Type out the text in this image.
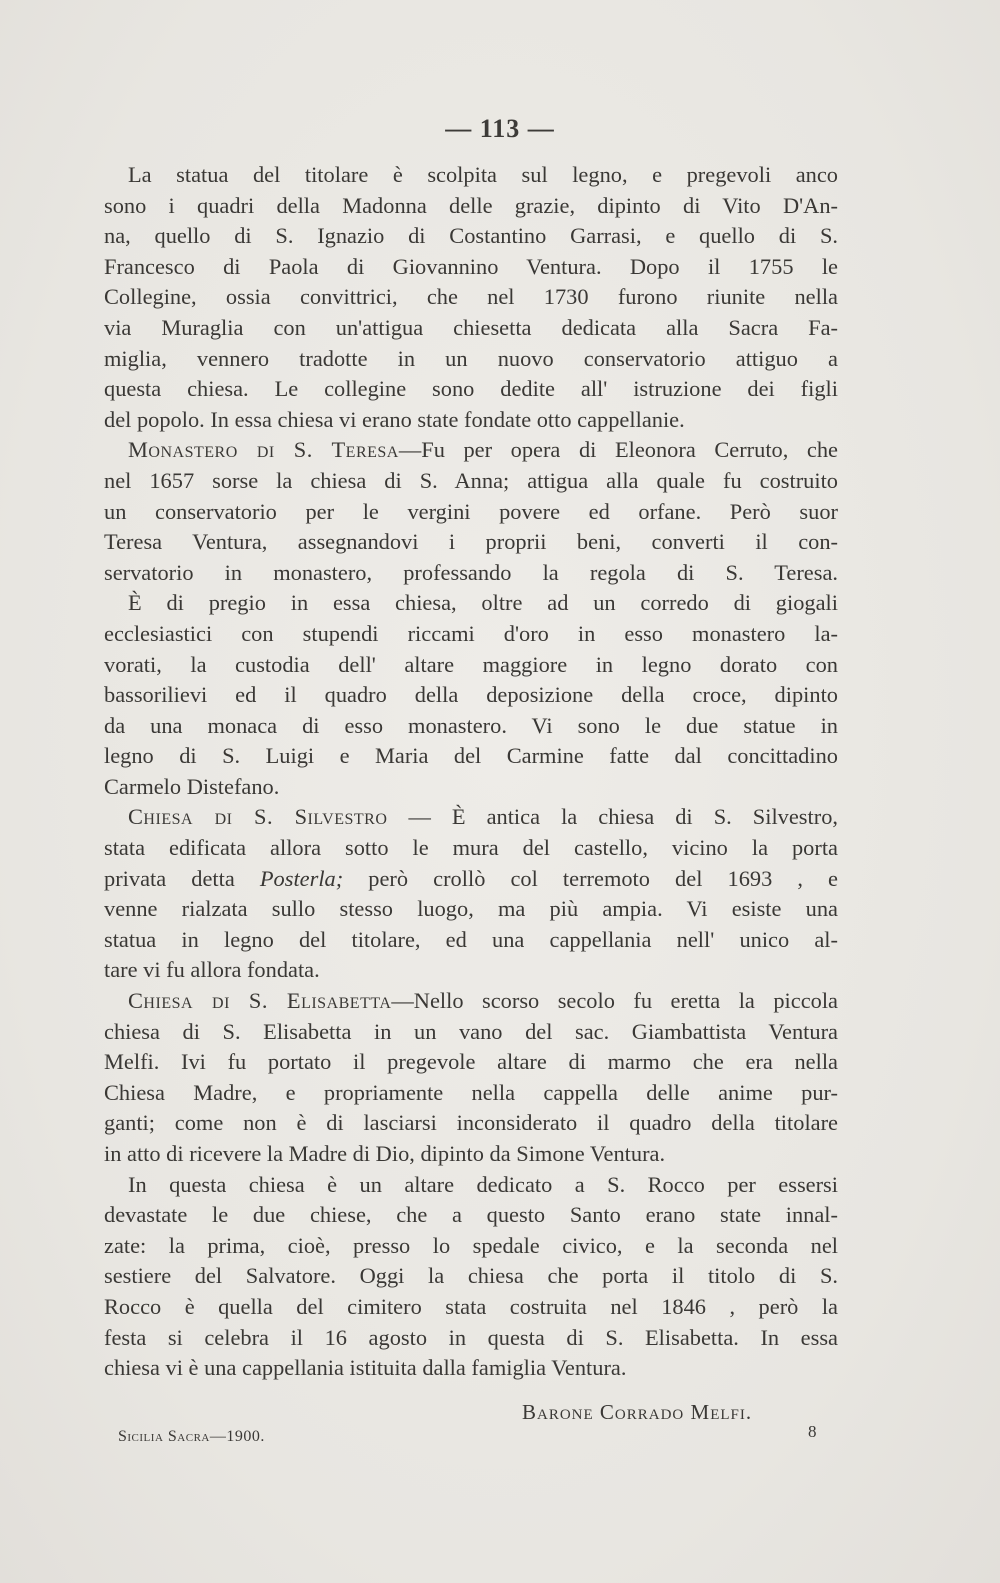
— 113 —
La statua del titolare è scolpita sul legno, e pregevoli anco
sono i quadri della Madonna delle grazie, dipinto di Vito D'An-
na, quello di S. Ignazio di Costantino Garrasi, e quello di S.
Francesco di Paola di Giovannino Ventura. Dopo il 1755 le
Collegine, ossia convittrici, che nel 1730 furono riunite nella
via Muraglia con un'attigua chiesetta dedicata alla Sacra Fa-
miglia, vennero tradotte in un nuovo conservatorio attiguo a
questa chiesa. Le collegine sono dedite all' istruzione dei figli
del popolo. In essa chiesa vi erano state fondate otto cappellanie.
Monastero di S. Teresa—Fu per opera di Eleonora Cerruto, che
nel 1657 sorse la chiesa di S. Anna; attigua alla quale fu costruito
un conservatorio per le vergini povere ed orfane. Però suor
Teresa Ventura, assegnandovi i proprii beni, converti il con-
servatorio in monastero, professando la regola di S. Teresa.
È di pregio in essa chiesa, oltre ad un corredo di giogali
ecclesiastici con stupendi riccami d'oro in esso monastero la-
vorati, la custodia dell' altare maggiore in legno dorato con
bassorilievi ed il quadro della deposizione della croce, dipinto
da una monaca di esso monastero. Vi sono le due statue in
legno di S. Luigi e Maria del Carmine fatte dal concittadino
Carmelo Distefano.
Chiesa di S. Silvestro — È antica la chiesa di S. Silvestro,
stata edificata allora sotto le mura del castello, vicino la porta
privata detta Posterla; però crollò col terremoto del 1693 , e
venne rialzata sullo stesso luogo, ma più ampia. Vi esiste una
statua in legno del titolare, ed una cappellania nell' unico al-
tare vi fu allora fondata.
Chiesa di S. Elisabetta—Nello scorso secolo fu eretta la piccola
chiesa di S. Elisabetta in un vano del sac. Giambattista Ventura
Melfi. Ivi fu portato il pregevole altare di marmo che era nella
Chiesa Madre, e propriamente nella cappella delle anime pur-
ganti; come non è di lasciarsi inconsiderato il quadro della titolare
in atto di ricevere la Madre di Dio, dipinto da Simone Ventura.
In questa chiesa è un altare dedicato a S. Rocco per essersi
devastate le due chiese, che a questo Santo erano state innal-
zate: la prima, cioè, presso lo spedale civico, e la seconda nel
sestiere del Salvatore. Oggi la chiesa che porta il titolo di S.
Rocco è quella del cimitero stata costruita nel 1846 , però la
festa si celebra il 16 agosto in questa di S. Elisabetta. In essa
chiesa vi è una cappellania istituita dalla famiglia Ventura.
Barone Corrado Melfi.
Sicilia Sacra—1900.	8
